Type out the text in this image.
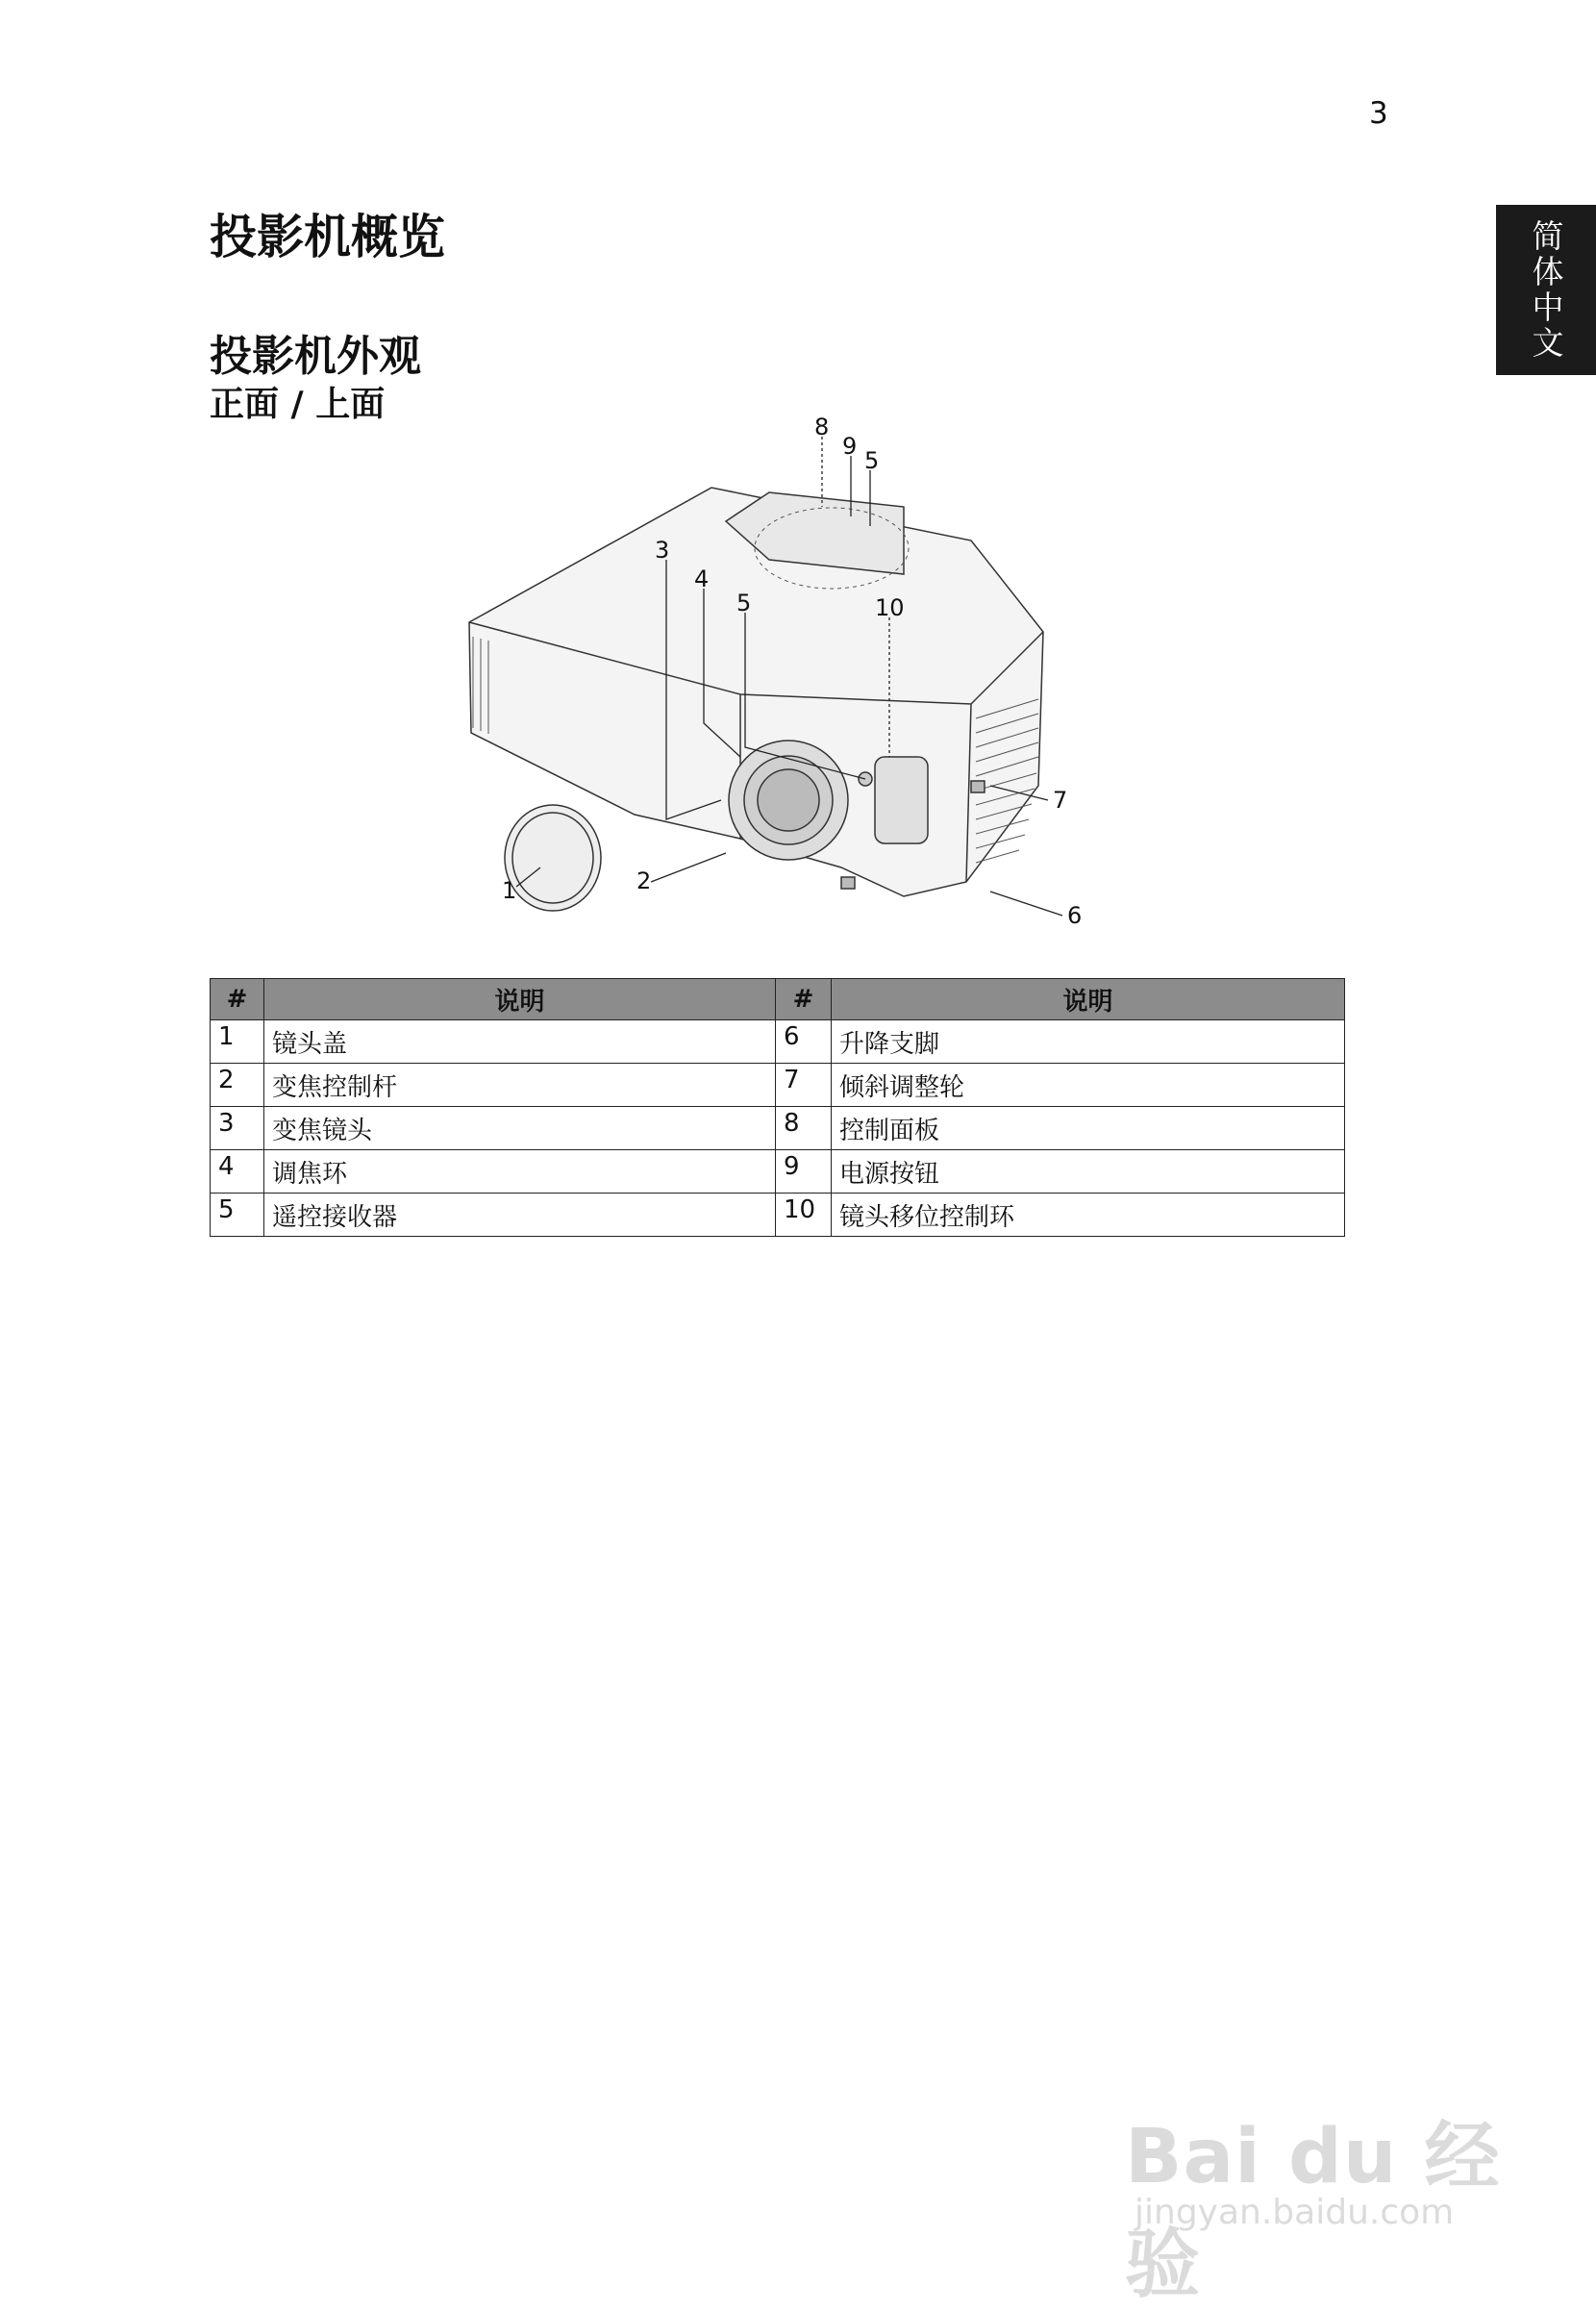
3
简体中文
投影机概览
投影机外观
正面 / 上面
3
4
5
8
9
5
10
7
6
2
1
#	说明	#	说明
1	镜头盖	6	升降支脚
2	变焦控制杆	7	倾斜调整轮
3	变焦镜头	8	控制面板
4	调焦环	9	电源按钮
5	遥控接收器	10	镜头移位控制环
Bai du 经验
jingyan.baidu.com
